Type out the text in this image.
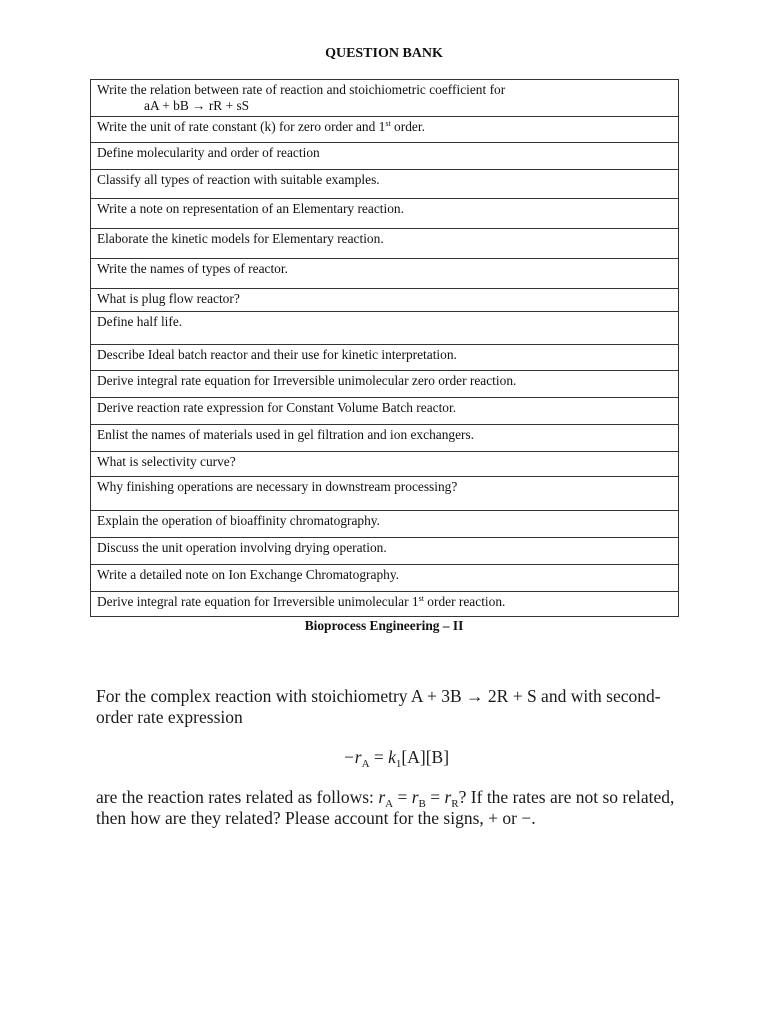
QUESTION BANK
Write the relation between rate of reaction and stoichiometric coefficient for
aA + bB → rR + sS

Write the unit of rate constant (k) for zero order and 1st order.
Define molecularity and order of reaction
Classify all types of reaction with suitable examples.
Write a note on representation of an Elementary reaction.
Elaborate the kinetic models for Elementary reaction.
Write the names of types of reactor.
What is plug flow reactor?
Define half life.
Describe Ideal batch reactor and their use for kinetic interpretation.
Derive integral rate equation for Irreversible unimolecular zero order reaction.
Derive reaction rate expression for Constant Volume Batch reactor.
Enlist the names of materials used in gel filtration and ion exchangers.
What is selectivity curve?
Why finishing operations are necessary in downstream processing?
Explain the operation of bioaffinity chromatography.
Discuss the unit operation involving drying operation.
Write a detailed note on Ion Exchange Chromatography.
Derive integral rate equation for Irreversible unimolecular 1st order reaction.
Bioprocess Engineering – II

For the complex reaction with stoichiometry A + 3B → 2R + S and with second-order rate expression

$-r_A = k_1[A][B]$

are the reaction rates related as follows: $r_A = r_B = r_R$? If the rates are not so related, then how are they related? Please account for the signs, + or −.
